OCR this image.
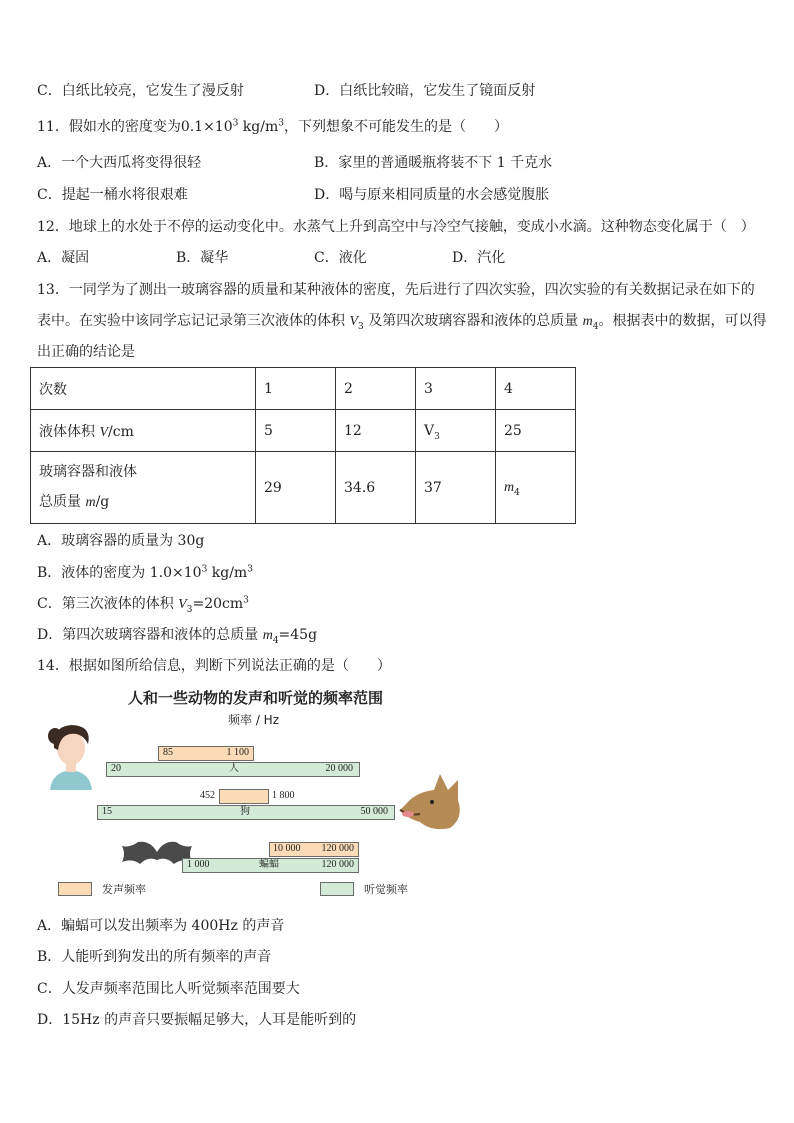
C．白纸比较亮，它发生了漫反射	D．白纸比较暗，它发生了镜面反射
11．假如水的密度变为$0.1\times 10^3$ $kg/m^3$，下列想象不可能发生的是（　　）
A．一个大西瓜将变得很轻	B．家里的普通暖瓶将装不下 1 千克水
C．提起一桶水将很艰难	D．喝与原来相同质量的水会感觉腹胀
12．地球上的水处于不停的运动变化中。水蒸气上升到高空中与冷空气接触，变成小水滴。这种物态变化属于（　）
A．凝固	B．凝华	C．液化	D．汽化
13．一同学为了测出一玻璃容器的质量和某种液体的密度，先后进行了四次实验，四次实验的有关数据记录在如下的
表中。在实验中该同学忘记记录第三次液体的体积 $V_3$ 及第四次玻璃容器和液体的总质量 $m_4$。根据表中的数据，可以得
出正确的结论是
次数	1	2	3	4
液体体积 V/cm	5	12	$V_3$	25

玻璃容器和液体
总质量 m/g	29	34.6	37	$m_4$
A．玻璃容器的质量为 30g
B．液体的密度为 $1.0\times 10^3$ $kg/m^3$
C．第三次液体的体积 $V_3=20cm^3$
D．第四次玻璃容器和液体的总质量 $m_4=45g$
14．根据如图所给信息，判断下列说法正确的是（　　）
人和一些动物的发声和听觉的频率范围
频率 / Hz
85	1 100
20	人	20 000
452	1 800
15	狗	50 000
10 000 120 000
1 000	蝙蝠	120 000
发声频率	听觉频率
A．蝙蝠可以发出频率为 400Hz 的声音
B．人能听到狗发出的所有频率的声音
C．人发声频率范围比人听觉频率范围要大
D．15Hz 的声音只要振幅足够大，人耳是能听到的
